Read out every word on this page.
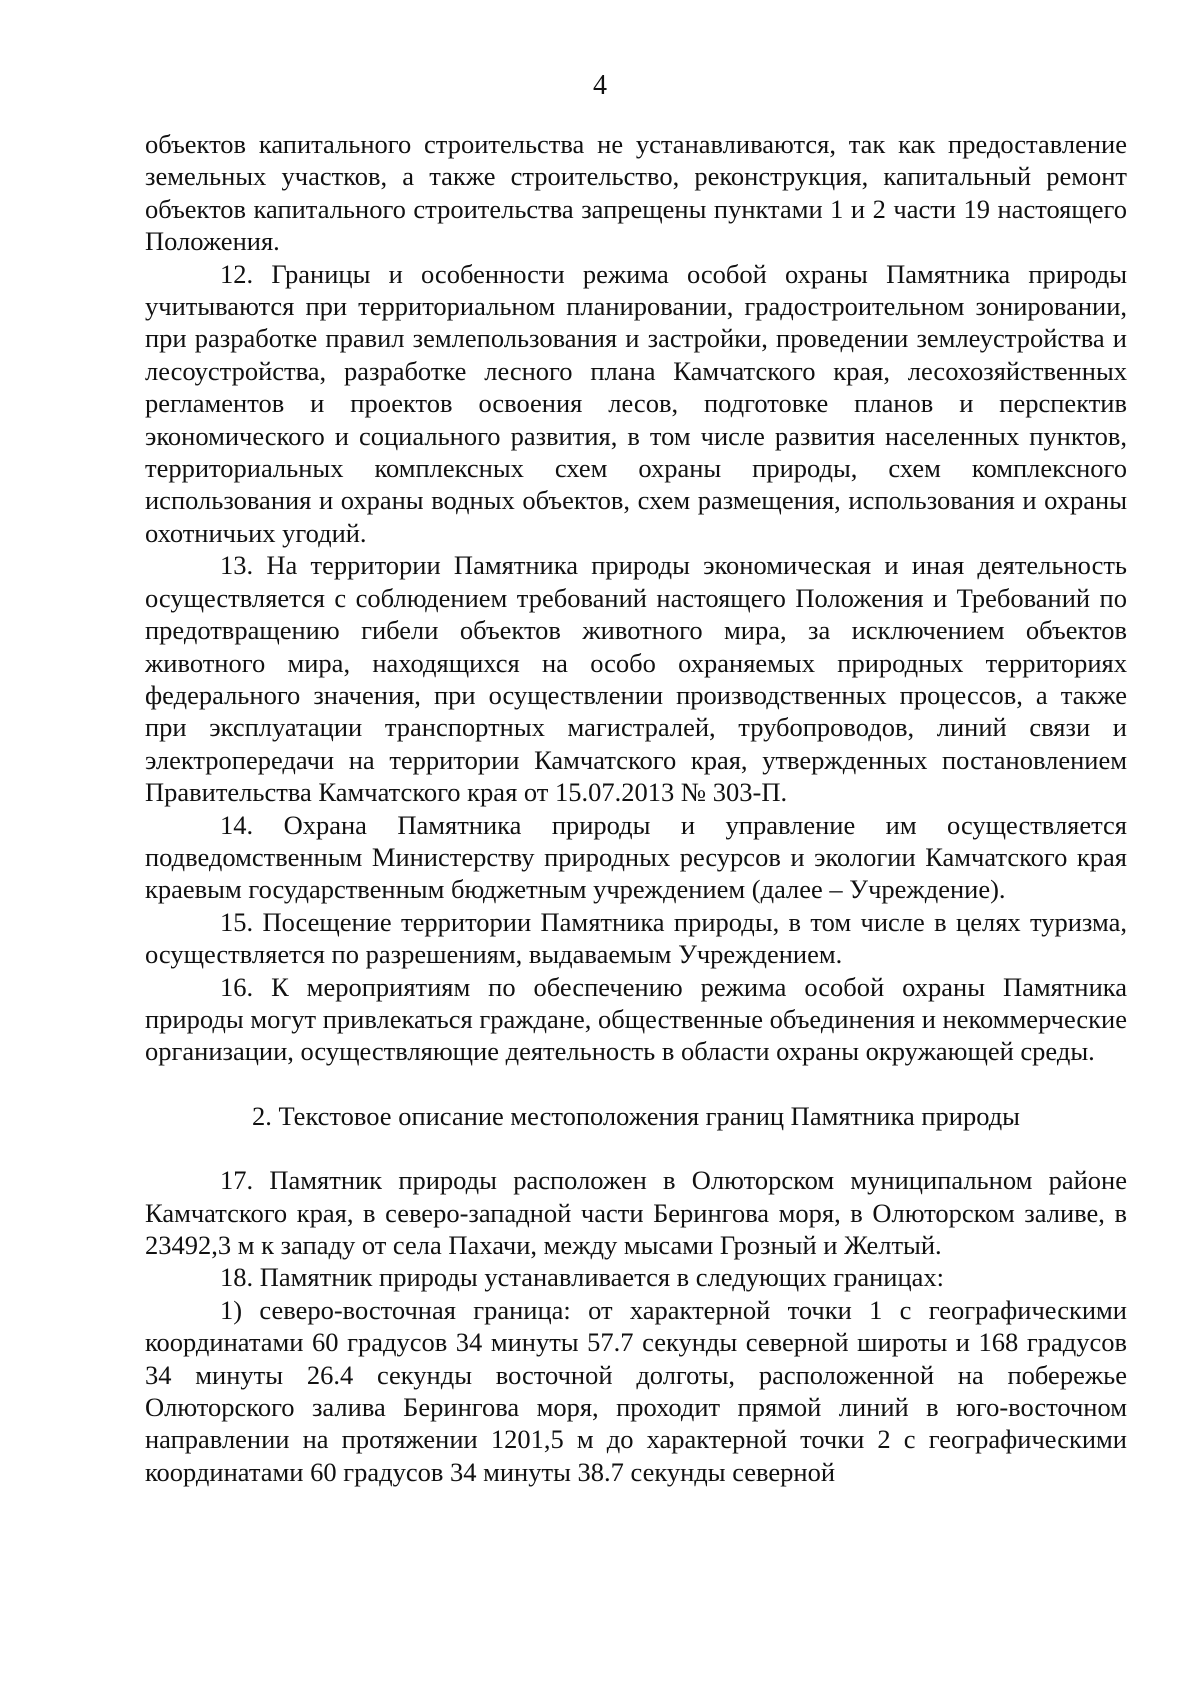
4

объектов капитального строительства не устанавливаются, так как предоставление земельных участков, а также строительство, реконструкция, капитальный ремонт объектов капитального строительства запрещены пунктами 1 и 2 части 19 настоящего Положения.

12. Границы и особенности режима особой охраны Памятника природы учитываются при территориальном планировании, градостроительном зонировании, при разработке правил землепользования и застройки, проведении землеустройства и лесоустройства, разработке лесного плана Камчатского края, лесохозяйственных регламентов и проектов освоения лесов, подготовке планов и перспектив экономического и социального развития, в том числе развития населенных пунктов, территориальных комплексных схем охраны природы, схем комплексного использования и охраны водных объектов, схем размещения, использования и охраны охотничьих угодий.

13. На территории Памятника природы экономическая и иная деятельность осуществляется с соблюдением требований настоящего Положения и Требований по предотвращению гибели объектов животного мира, за исключением объектов животного мира, находящихся на особо охраняемых природных территориях федерального значения, при осуществлении производственных процессов, а также при эксплуатации транспортных магистралей, трубопроводов, линий связи и электропередачи на территории Камчатского края, утвержденных постановлением Правительства Камчатского края от 15.07.2013 № 303-П.

14. Охрана Памятника природы и управление им осуществляется подведомственным Министерству природных ресурсов и экологии Камчатского края краевым государственным бюджетным учреждением (далее – Учреждение).

15. Посещение территории Памятника природы, в том числе в целях туризма, осуществляется по разрешениям, выдаваемым Учреждением.

16. К мероприятиям по обеспечению режима особой охраны Памятника природы могут привлекаться граждане, общественные объединения и некоммерческие организации, осуществляющие деятельность в области охраны окружающей среды.

2. Текстовое описание местоположения границ Памятника природы

17. Памятник природы расположен в Олюторском муниципальном районе Камчатского края, в северо-западной части Берингова моря, в Олюторском заливе, в 23492,3 м к западу от села Пахачи, между мысами Грозный и Желтый.

18. Памятник природы устанавливается в следующих границах:

1) северо-восточная граница: от характерной точки 1 с географическими координатами 60 градусов 34 минуты 57.7 секунды северной широты и 168 градусов 34 минуты 26.4 секунды восточной долготы, расположенной на побережье Олюторского залива Берингова моря, проходит прямой линий в юго-восточном направлении на протяжении 1201,5 м до характерной точки 2 с географическими координатами 60 градусов 34 минуты 38.7 секунды северной
